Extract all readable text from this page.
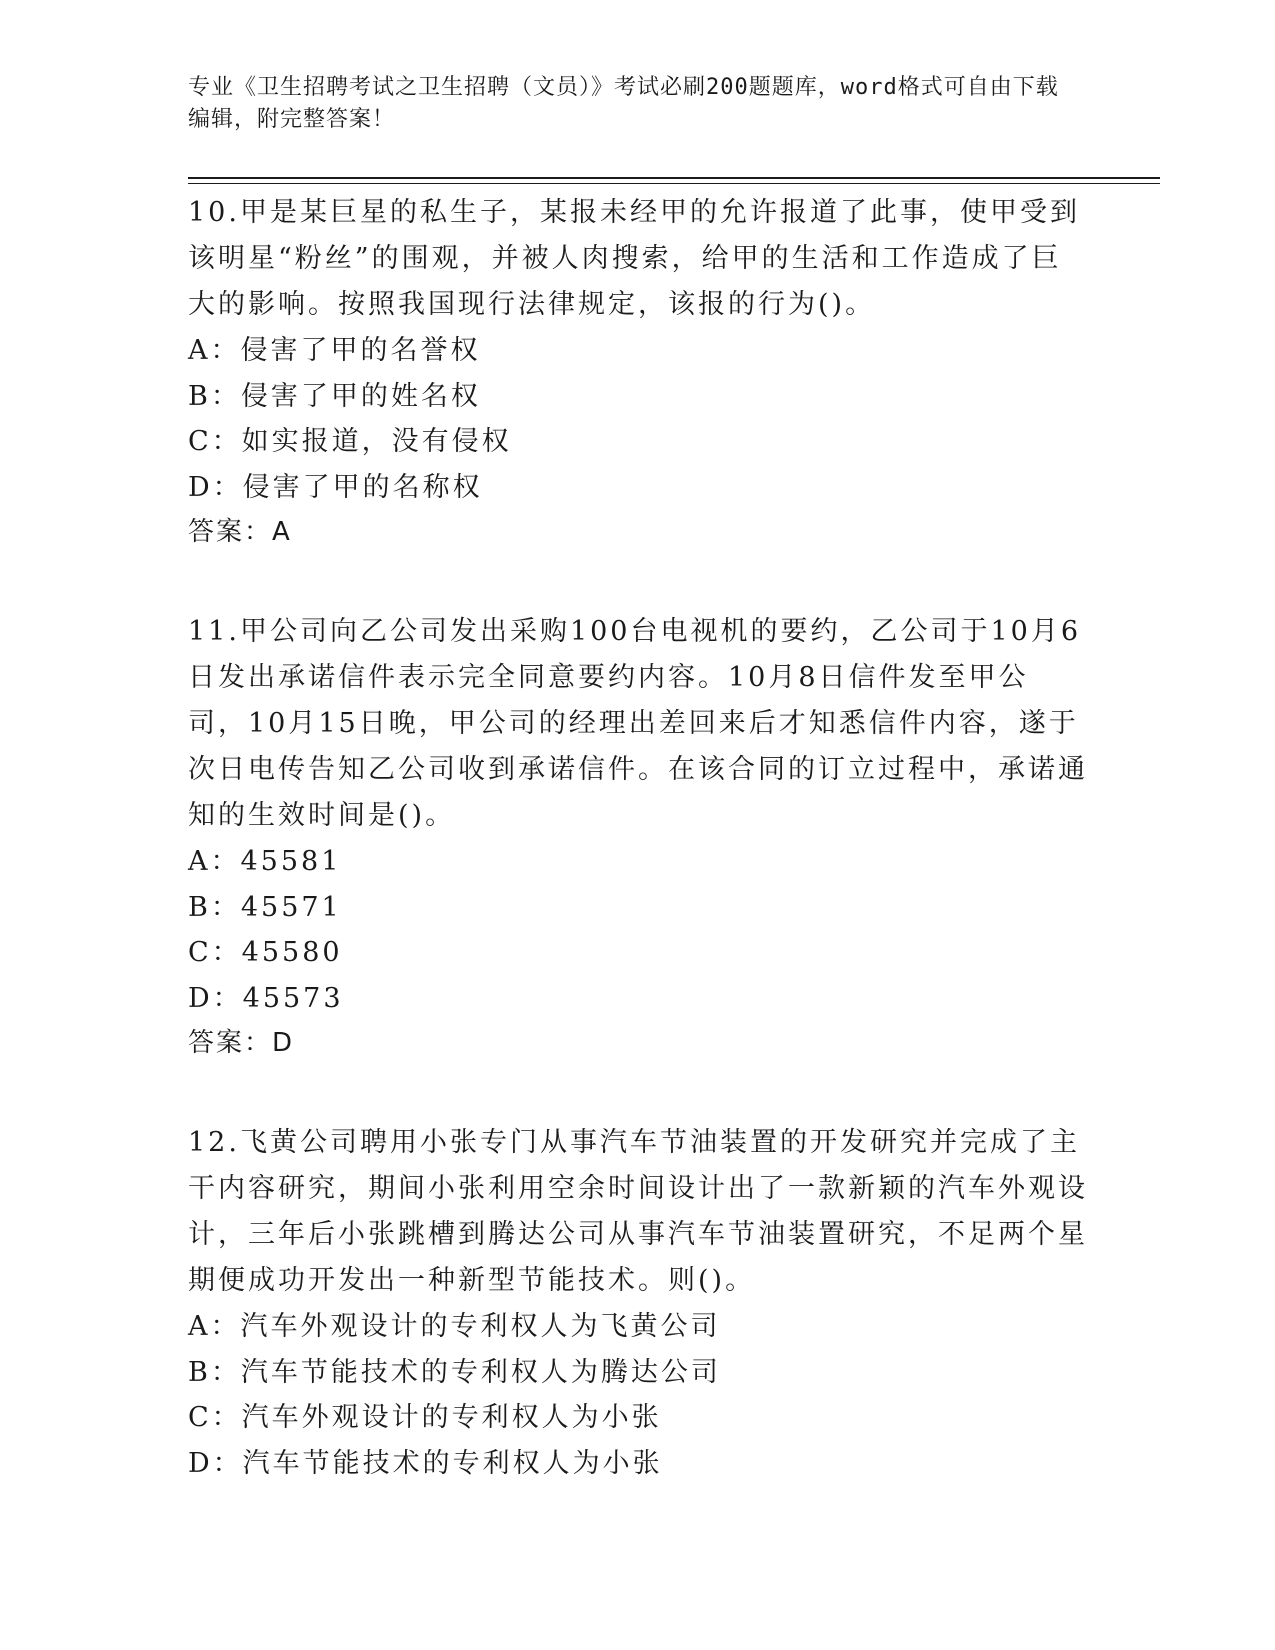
专业《卫生招聘考试之卫生招聘（文员）》考试必刷200题题库，word格式可自由下载编辑，附完整答案！

10.甲是某巨星的私生子，某报未经甲的允许报道了此事，使甲受到该明星“粉丝”的围观，并被人肉搜索，给甲的生活和工作造成了巨大的影响。按照我国现行法律规定，该报的行为()。

A：侵害了甲的名誉权

B：侵害了甲的姓名权

C：如实报道，没有侵权

D：侵害了甲的名称权

答案：A

11.甲公司向乙公司发出采购100台电视机的要约，乙公司于10月6日发出承诺信件表示完全同意要约内容。10月8日信件发至甲公司，10月15日晚，甲公司的经理出差回来后才知悉信件内容，遂于次日电传告知乙公司收到承诺信件。在该合同的订立过程中，承诺通知的生效时间是()。

A：45581

B：45571

C：45580

D：45573

答案：D

12.飞黄公司聘用小张专门从事汽车节油装置的开发研究并完成了主干内容研究，期间小张利用空余时间设计出了一款新颖的汽车外观设计，三年后小张跳槽到腾达公司从事汽车节油装置研究，不足两个星期便成功开发出一种新型节能技术。则()。

A：汽车外观设计的专利权人为飞黄公司

B：汽车节能技术的专利权人为腾达公司

C：汽车外观设计的专利权人为小张

D：汽车节能技术的专利权人为小张
